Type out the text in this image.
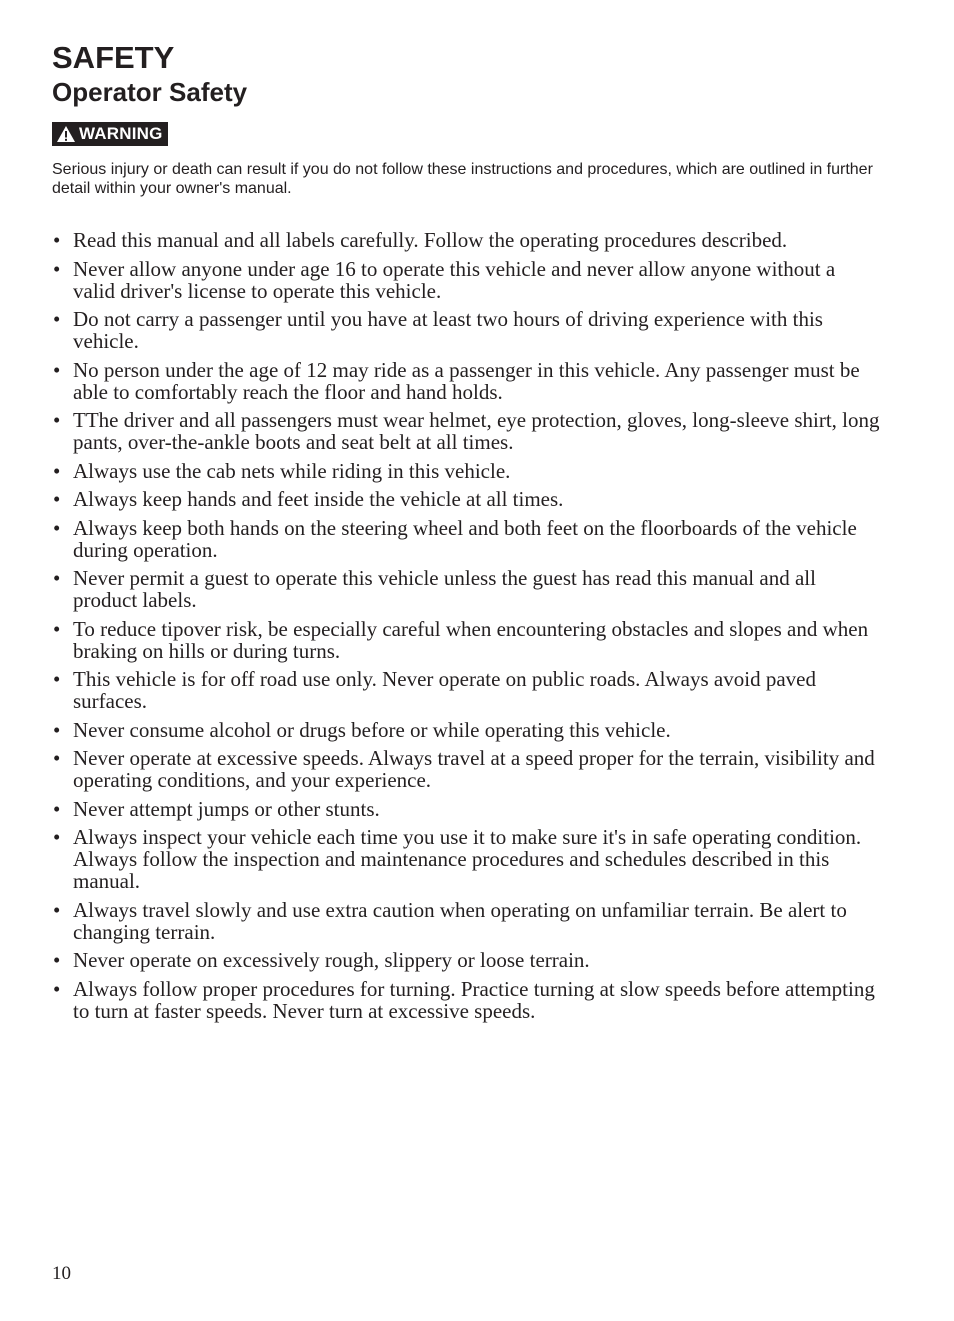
SAFETY
Operator Safety
WARNING

Serious injury or death can result if you do not follow these instructions and procedures, which are outlined in further detail within your owner's manual.

• Read this manual and all labels carefully. Follow the operating procedures described.
• Never allow anyone under age 16 to operate this vehicle and never allow anyone without a valid driver's license to operate this vehicle.
• Do not carry a passenger until you have at least two hours of driving experience with this vehicle.
• No person under the age of 12 may ride as a passenger in this vehicle. Any passenger must be able to comfortably reach the floor and hand holds.
• TThe driver and all passengers must wear helmet, eye protection, gloves, long-sleeve shirt, long pants, over-the-ankle boots and seat belt at all times.
• Always use the cab nets while riding in this vehicle.
• Always keep hands and feet inside the vehicle at all times.
• Always keep both hands on the steering wheel and both feet on the floorboards of the vehicle during operation.
• Never permit a guest to operate this vehicle unless the guest has read this manual and all product labels.
• To reduce tipover risk, be especially careful when encountering obstacles and slopes and when braking on hills or during turns.
• This vehicle is for off road use only. Never operate on public roads. Always avoid paved surfaces.
• Never consume alcohol or drugs before or while operating this vehicle.
• Never operate at excessive speeds. Always travel at a speed proper for the terrain, visibility and operating conditions, and your experience.
• Never attempt jumps or other stunts.
• Always inspect your vehicle each time you use it to make sure it's in safe operating condition. Always follow the inspection and maintenance procedures and schedules described in this manual.
• Always travel slowly and use extra caution when operating on unfamiliar terrain. Be alert to changing terrain.
• Never operate on excessively rough, slippery or loose terrain.
• Always follow proper procedures for turning. Practice turning at slow speeds before attempting to turn at faster speeds. Never turn at excessive speeds.
10
